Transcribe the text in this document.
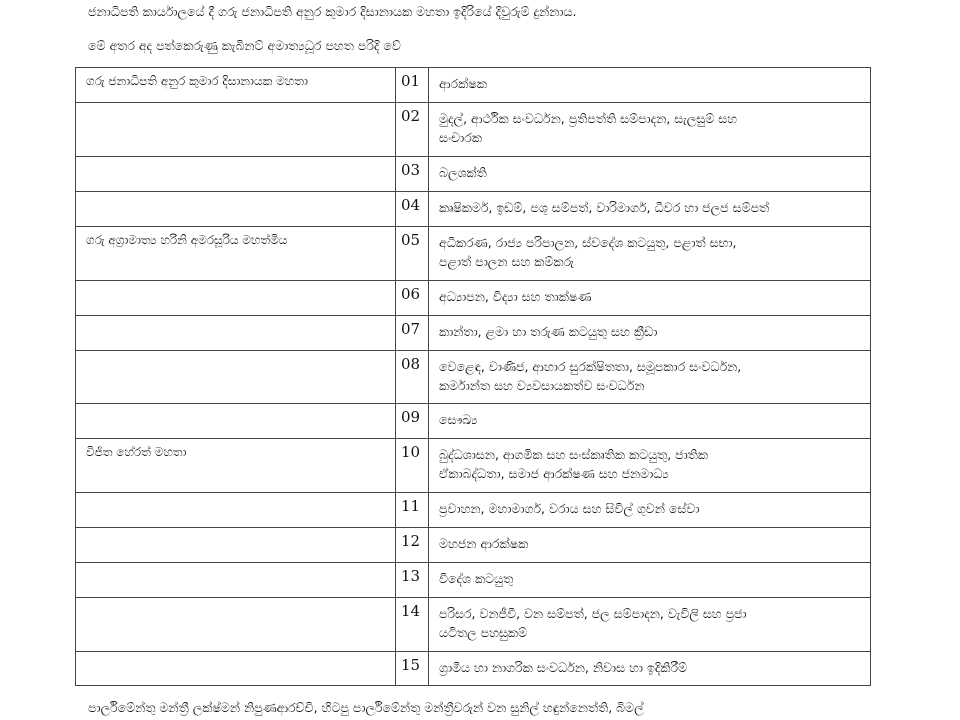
ජනාධිපති කාර්යාලයේ දී ගරු ජනාධිපති අනුර කුමාර දිසානායක මහතා ඉදිරියේ දිවුරුම් දුන්නාය.
මේ අතර අද පත්කෙරුණු කැබිනට් අමාත්‍යධූර පහත පරිදි වේ
ගරු ජනාධිපති අනුර කුමාර දිසානායක මහතා	01	ආරක්ෂක
	02	මුදල්, ආර්ථික සංවර්ධන, ප්‍රතිපත්ති සම්පාදන, සැලසුම් සහ
සංචාරක
	03	බලශක්ති
	04	කෘෂිකර්ම, ඉඩම්, පශු සම්පත්, වාරිමාර්ග, ධීවර හා ජලජ සම්පත්
ගරු අග්‍රාමාත්‍ය හරිනි අමරසූරිය මහත්මිය	05	අධිකරණ, රාජ්‍ය පරිපාලන, ස්වදේශ කටයුතු, පළාත් සභා,
පළාත් පාලන සහ කම්කරු
	06	අධ්‍යාපන, විද්‍යා සහ තාක්ෂණ
	07	කාන්තා, ළමා හා තරුණ කටයුතු සහ ක්‍රීඩා
	08	වෙළෙඳ, වාණිජ, ආහාර සුරක්ෂිතතා, සමූපකාර සංවර්ධන,
කර්මාන්ත සහ ව්‍යවසායකත්ව සංවර්ධන
	09	සෞඛ්‍ය
විජිත හේරත් මහතා	10	බුද්ධශාසන, ආගමික සහ සංස්කෘතික කටයුතු, ජාතික
ඒකාබද්ධතා, සමාජ ආරක්ෂණ සහ ජනමාධ්‍ය
	11	ප්‍රවාහන, මහාමාර්ග, වරාය සහ සිවිල් ගුවන් සේවා
	12	මහජන ආරක්ෂක
	13	විදේශ කටයුතු
	14	පරිසර, වනජීවී, වන සම්පත්, ජල සම්පාදන, වැවිලි සහ ප්‍රජා
යටිතල පහසුකම්
	15	ග්‍රාමීය හා නාගරික සංවර්ධන, නිවාස හා ඉදිකිරීම්
පාර්ලිමේන්තු මන්ත්‍රී ලක්ෂ්මන් නිපුණආරච්චි, හිටපු පාර්ලිමේන්තු මන්ත්‍රීවරුන් වන සුනිල් හඳුන්නෙත්ති, බිමල්
